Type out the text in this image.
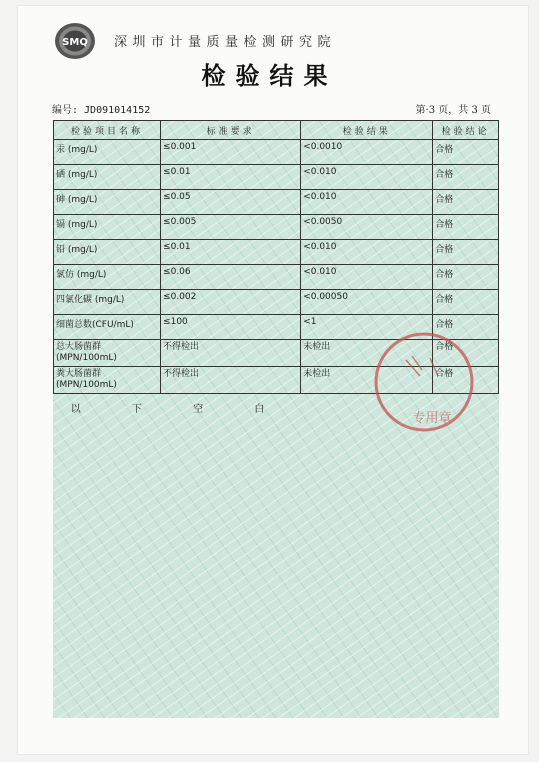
SMQ 深圳市计量质量检测研究院
检验结果
编号: JD091014152	第·3 页，共 3 页
检验项目名称	标准要求	检验结果	检验结论
汞 (mg/L)	≤0.001	<0.0010	合格
硒 (mg/L)	≤0.01	<0.010	合格
砷 (mg/L)	≤0.05	<0.010	合格
镉 (mg/L)	≤0.005	<0.0050	合格
铅 (mg/L)	≤0.01	<0.010	合格
氯仿 (mg/L)	≤0.06	<0.010	合格
四氯化碳 (mg/L)	≤0.002	<0.00050	合格
细菌总数(CFU/mL)	≤100	<1	合格

总大肠菌群
(MPN/100mL)	不得检出	未检出	合格

粪大肠菌群
(MPN/100mL)	不得检出	未检出	合格
以 下 空 白
专用章
